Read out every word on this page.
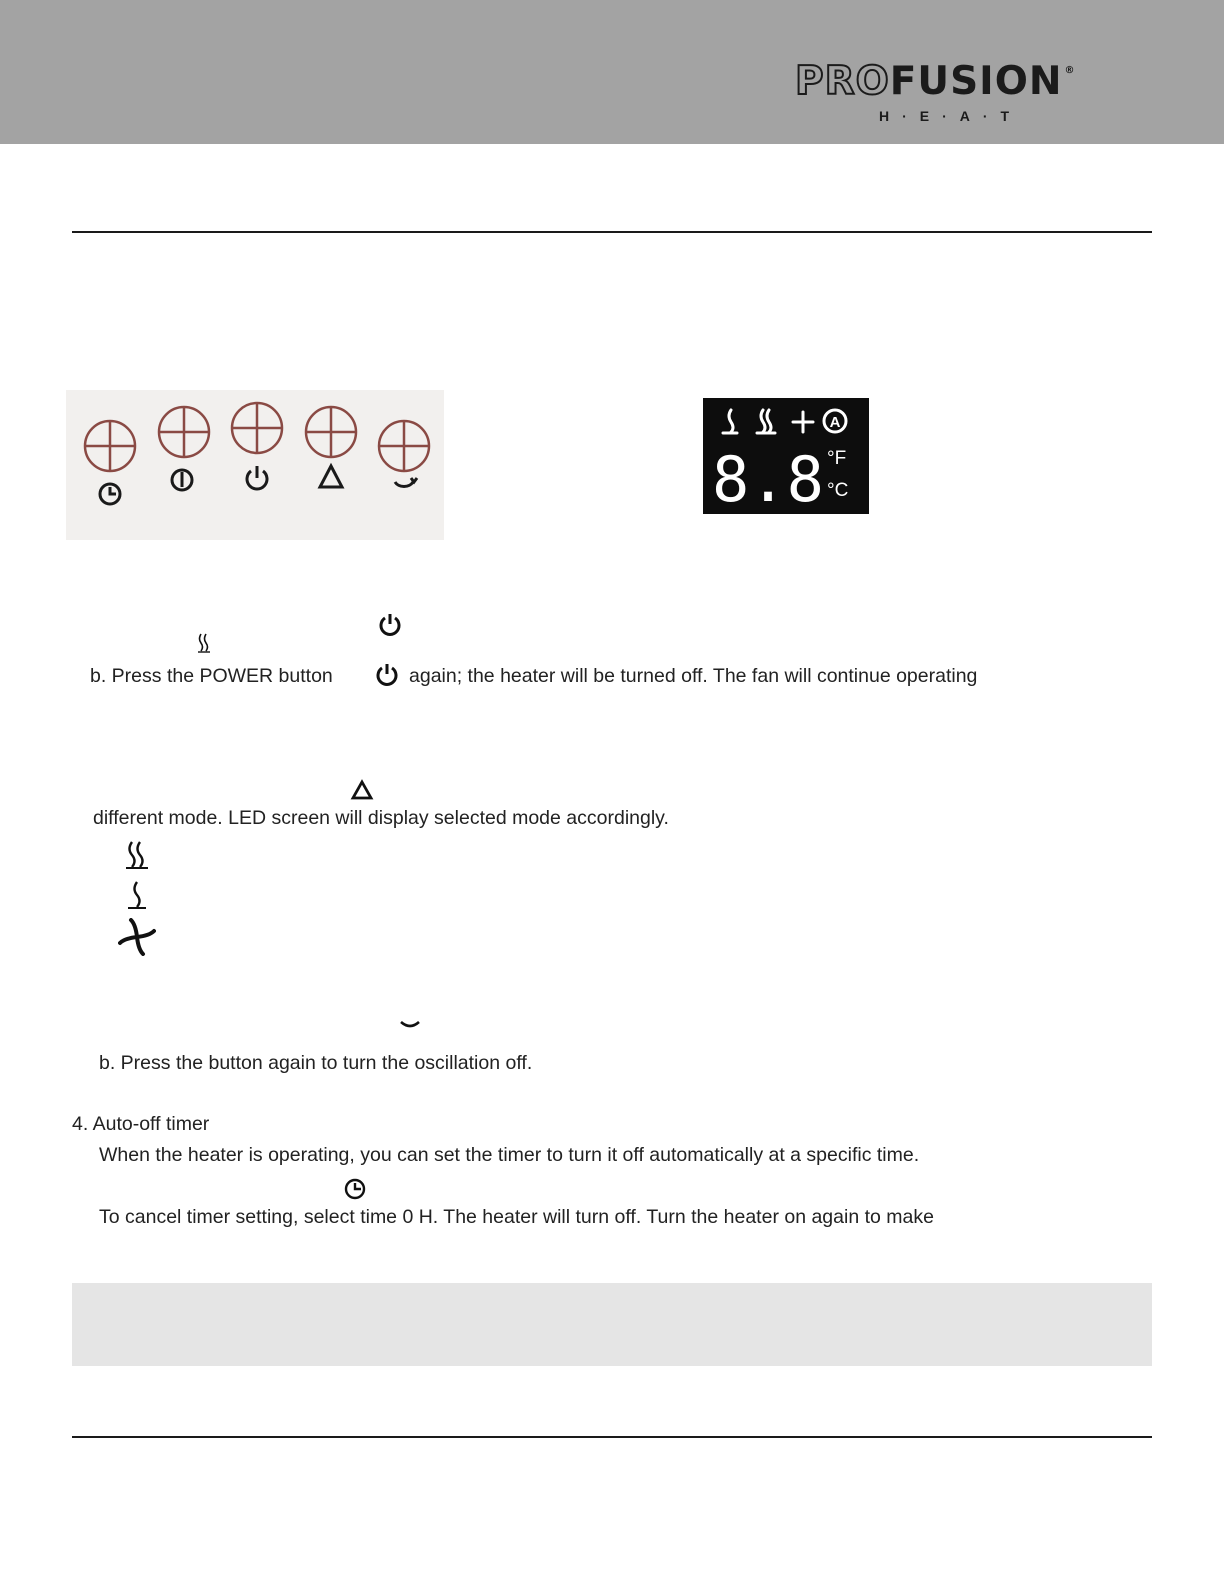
PRO FUSION ®
H·E·A·T
A
8.8 °F
°C
b. Press the POWER button	again; the heater will be turned off. The fan will continue operating
different mode. LED screen will display selected mode accordingly.
b. Press the button again to turn the oscillation off.
4. Auto-off timer
When the heater is operating, you can set the timer to turn it off automatically at a specific time.
To cancel timer setting, select time 0 H. The heater will turn off. Turn the heater on again to make
